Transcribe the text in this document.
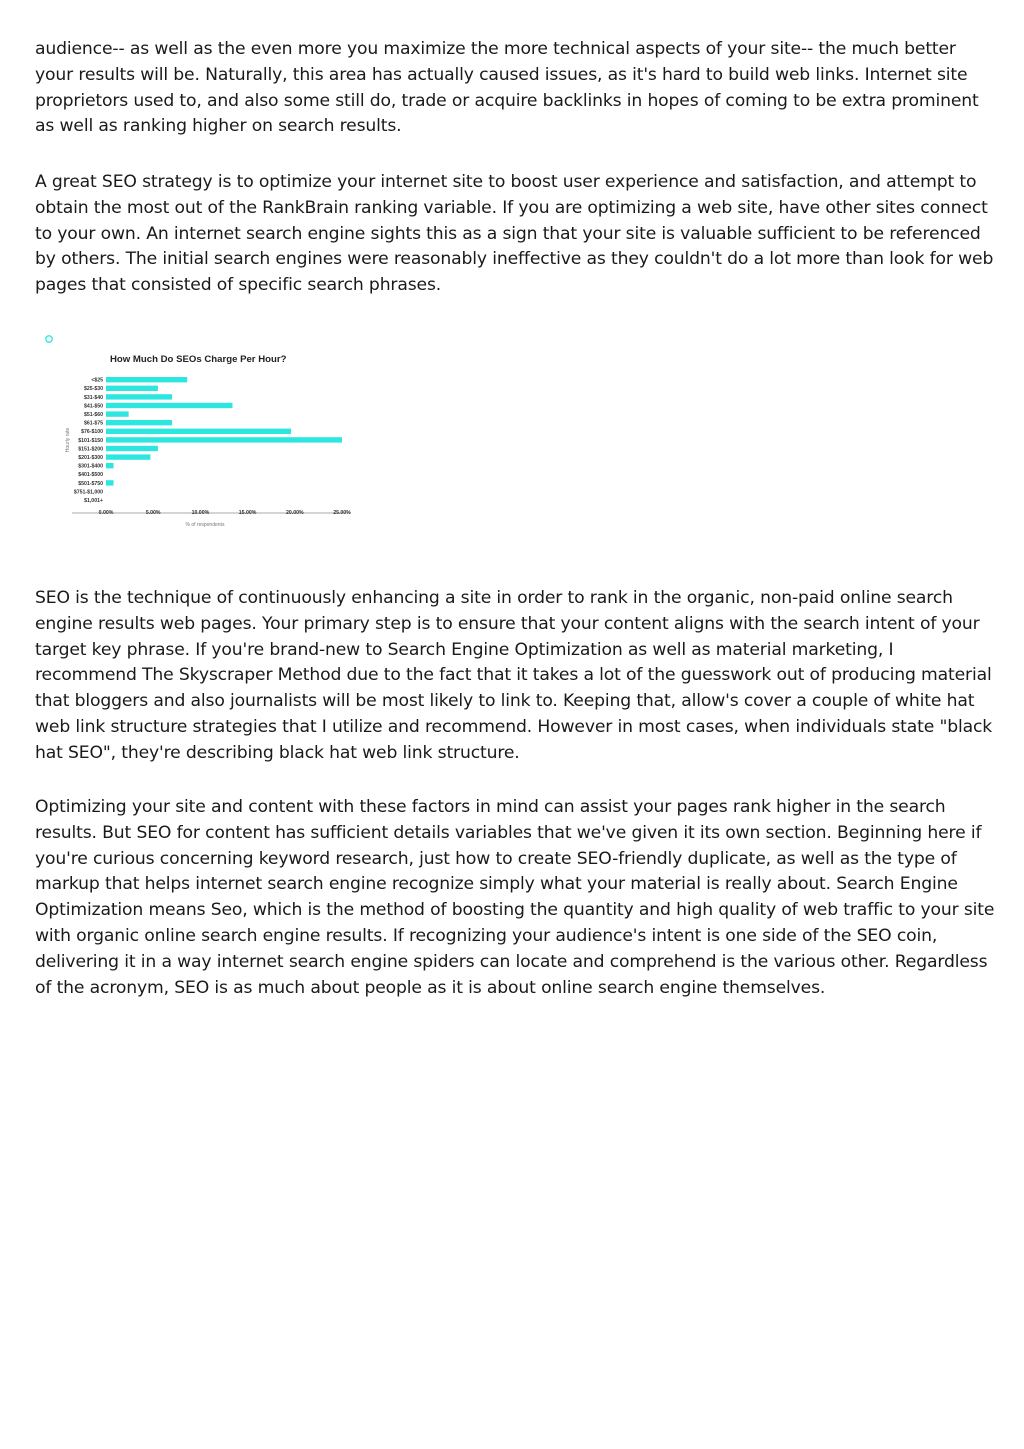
audience-- as well as the even more you maximize the more technical aspects of your site-- the much better your results will be. Naturally, this area has actually caused issues, as it's hard to build web links. Internet site proprietors used to, and also some still do, trade or acquire backlinks in hopes of coming to be extra prominent as well as ranking higher on search results.

A great SEO strategy is to optimize your internet site to boost user experience and satisfaction, and attempt to obtain the most out of the RankBrain ranking variable. If you are optimizing a web site, have other sites connect to your own. An internet search engine sights this as a sign that your site is valuable sufficient to be referenced by others. The initial search engines were reasonably ineffective as they couldn't do a lot more than look for web pages that consisted of specific search phrases.

How Much Do SEOs Charge Per Hour?
<$25
$25-$30
$31-$40
$41-$50
$51-$60
$61-$75
$76-$100
$101-$150
$151-$200
$201-$300
$301-$400
$401-$500
$501-$750
$751-$1,000
$1,001+
0.00%	5.00%	10.00%	15.00%	20.00%	25.00%
% of respondents
Hourly rate

SEO is the technique of continuously enhancing a site in order to rank in the organic, non-paid online search engine results web pages. Your primary step is to ensure that your content aligns with the search intent of your target key phrase. If you're brand-new to Search Engine Optimization as well as material marketing, I recommend The Skyscraper Method due to the fact that it takes a lot of the guesswork out of producing material that bloggers and also journalists will be most likely to link to. Keeping that, allow's cover a couple of white hat web link structure strategies that I utilize and recommend. However in most cases, when individuals state "black hat SEO", they're describing black hat web link structure.

Optimizing your site and content with these factors in mind can assist your pages rank higher in the search results. But SEO for content has sufficient details variables that we've given it its own section. Beginning here if you're curious concerning keyword research, just how to create SEO-friendly duplicate, as well as the type of markup that helps internet search engine recognize simply what your material is really about. Search Engine Optimization means Seo, which is the method of boosting the quantity and high quality of web traffic to your site with organic online search engine results. If recognizing your audience's intent is one side of the SEO coin, delivering it in a way internet search engine spiders can locate and comprehend is the various other. Regardless of the acronym, SEO is as much about people as it is about online search engine themselves.
